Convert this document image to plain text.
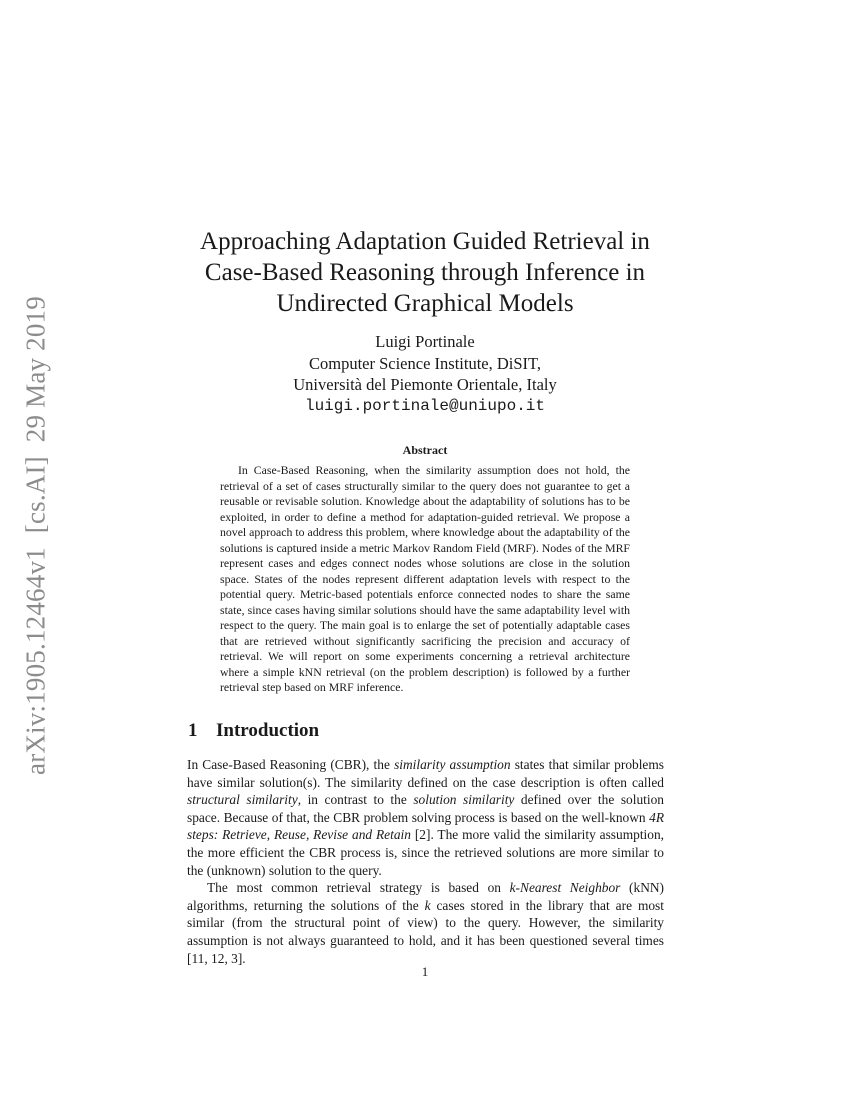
arXiv:1905.12464v1  [cs.AI]  29 May 2019
Approaching Adaptation Guided Retrieval in
Case-Based Reasoning through Inference in
Undirected Graphical Models
Luigi Portinale
Computer Science Institute, DiSIT,
Università del Piemonte Orientale, Italy
luigi.portinale@uniupo.it
Abstract
In Case-Based Reasoning, when the similarity assumption does not hold, the retrieval of a set of cases structurally similar to the query does not guarantee to get a reusable or revisable solution. Knowledge about the adaptability of solutions has to be exploited, in order to define a method for adaptation-guided retrieval. We propose a novel approach to address this problem, where knowledge about the adaptability of the solutions is captured inside a metric Markov Random Field (MRF). Nodes of the MRF represent cases and edges connect nodes whose solutions are close in the solution space. States of the nodes represent different adaptation levels with respect to the potential query. Metric-based potentials enforce connected nodes to share the same state, since cases having similar solutions should have the same adaptability level with respect to the query. The main goal is to enlarge the set of potentially adaptable cases that are retrieved without significantly sacrificing the precision and accuracy of retrieval. We will report on some experiments concerning a retrieval architecture where a simple kNN retrieval (on the problem description) is followed by a further retrieval step based on MRF inference.
1 Introduction

In Case-Based Reasoning (CBR), the similarity assumption states that similar problems have similar solution(s). The similarity defined on the case description is often called structural similarity, in contrast to the solution similarity defined over the solution space. Because of that, the CBR problem solving process is based on the well-known 4R steps: Retrieve, Reuse, Revise and Retain [2]. The more valid the similarity assumption, the more efficient the CBR process is, since the retrieved solutions are more similar to the (unknown) solution to the query.

The most common retrieval strategy is based on k-Nearest Neighbor (kNN) algorithms, returning the solutions of the k cases stored in the library that are most similar (from the structural point of view) to the query. However, the similarity assumption is not always guaranteed to hold, and it has been questioned several times [11, 12, 3].

1
